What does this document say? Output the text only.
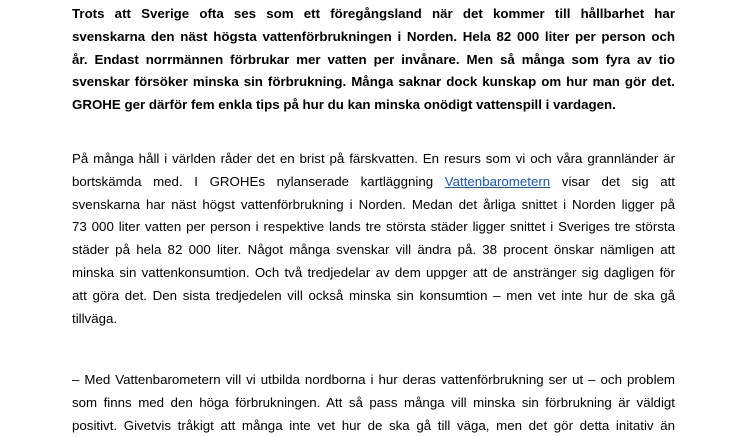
Trots att Sverige ofta ses som ett föregångsland när det kommer till hållbarhet har
svenskarna den näst högsta vattenförbrukningen i Norden. Hela 82 000 liter per person och
år. Endast norrmännen förbrukar mer vatten per invånare. Men så många som fyra av tio
svenskar försöker minska sin förbrukning. Många saknar dock kunskap om hur man gör det.
GROHE ger därför fem enkla tips på hur du kan minska onödigt vattenspill i vardagen.

På många håll i världen råder det en brist på färskvatten. En resurs som vi och våra grannländer är
bortskämda med. I GROHEs nylanserade kartläggning Vattenbarometern visar det sig att
svenskarna har näst högst vattenförbrukning i Norden. Medan det årliga snittet i Norden ligger på
73 000 liter vatten per person i respektive lands tre största städer ligger snittet i Sveriges tre största
städer på hela 82 000 liter. Något många svenskar vill ändra på. 38 procent önskar nämligen att
minska sin vattenkonsumtion. Och två tredjedelar av dem uppger att de anstränger sig dagligen för
att göra det. Den sista tredjedelen vill också minska sin konsumtion – men vet inte hur de ska gå
tillväga.

– Med Vattenbarometern vill vi utbilda nordborna i hur deras vattenförbrukning ser ut – och problem
som finns med den höga förbrukningen. Att så pass många vill minska sin förbrukning är väldigt
positivt. Givetvis tråkigt att många inte vet hur de ska gå till väga, men det gör detta initativ än
